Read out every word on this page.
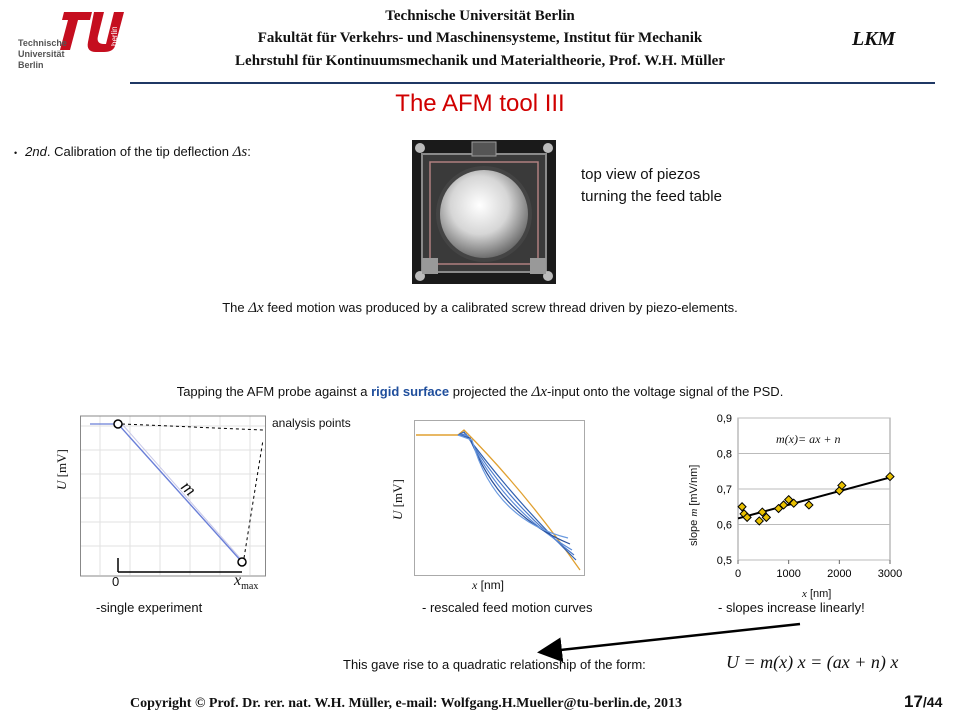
Technische
Universität
Berlin
berlin
Technische Universität Berlin
Fakultät für Verkehrs- und Maschinensysteme, Institut für Mechanik
Lehrstuhl für Kontinuumsmechanik und Materialtheorie, Prof. W.H. Müller
LKM
The AFM tool III
• 2nd. Calibration of the tip deflection Δs:
top view of piezos
turning the feed table
The Δx feed motion was produced by a calibrated screw thread driven by piezo-elements.
Tapping the AFM probe against a rigid surface projected the Δx-input onto the voltage signal of the PSD.
U [mV]
m
0	$x_{max}$
analysis points
-single experiment
U [mV]
x [nm]
- rescaled feed motion curves
0,5
0,6
0,7
0,8
0,9
0	1000 2000 3000
m(x)= ax + n
slope m [mV/nm]
x [nm]
- slopes increase linearly!
This gave rise to a quadratic relationship of the form:	U = m(x) x = (ax + n) x
Copyright © Prof. Dr. rer. nat. W.H. Müller, e-mail: Wolfgang.H.Mueller@tu-berlin.de, 2013	17/44
